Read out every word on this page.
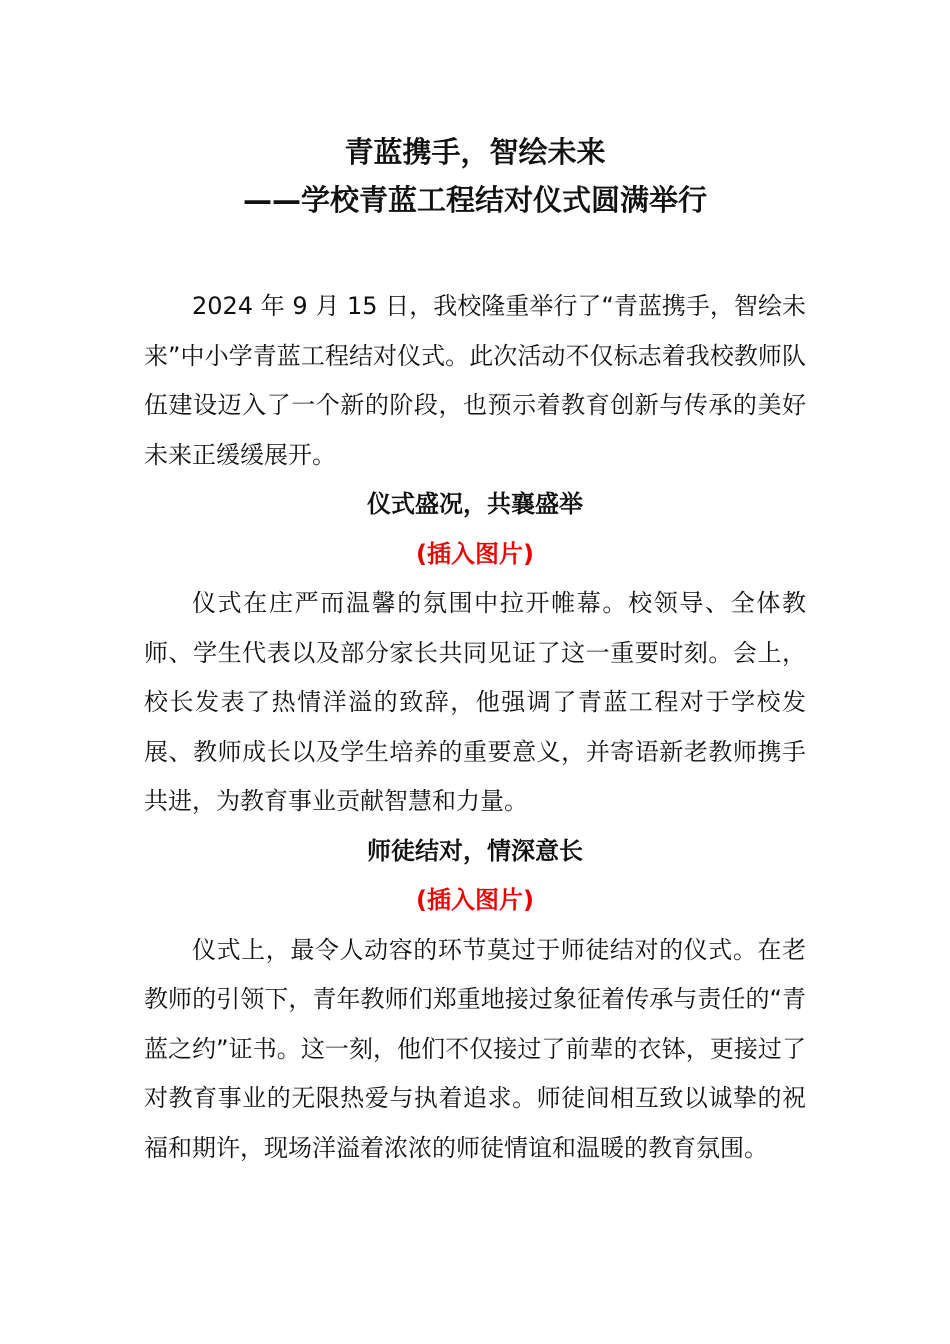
青蓝携手，智绘未来
——学校青蓝工程结对仪式圆满举行

2024 年 9 月 15 日，我校隆重举行了“青蓝携手，智绘未来”中小学青蓝工程结对仪式。此次活动不仅标志着我校教师队伍建设迈入了一个新的阶段，也预示着教育创新与传承的美好未来正缓缓展开。

仪式盛况，共襄盛举

(插入图片)

仪式在庄严而温馨的氛围中拉开帷幕。校领导、全体教师、学生代表以及部分家长共同见证了这一重要时刻。会上，校长发表了热情洋溢的致辞，他强调了青蓝工程对于学校发展、教师成长以及学生培养的重要意义，并寄语新老教师携手共进，为教育事业贡献智慧和力量。

师徒结对，情深意长

(插入图片)

仪式上，最令人动容的环节莫过于师徒结对的仪式。在老教师的引领下，青年教师们郑重地接过象征着传承与责任的“青蓝之约”证书。这一刻，他们不仅接过了前辈的衣钵，更接过了对教育事业的无限热爱与执着追求。师徒间相互致以诚挚的祝福和期许，现场洋溢着浓浓的师徒情谊和温暖的教育氛围。
